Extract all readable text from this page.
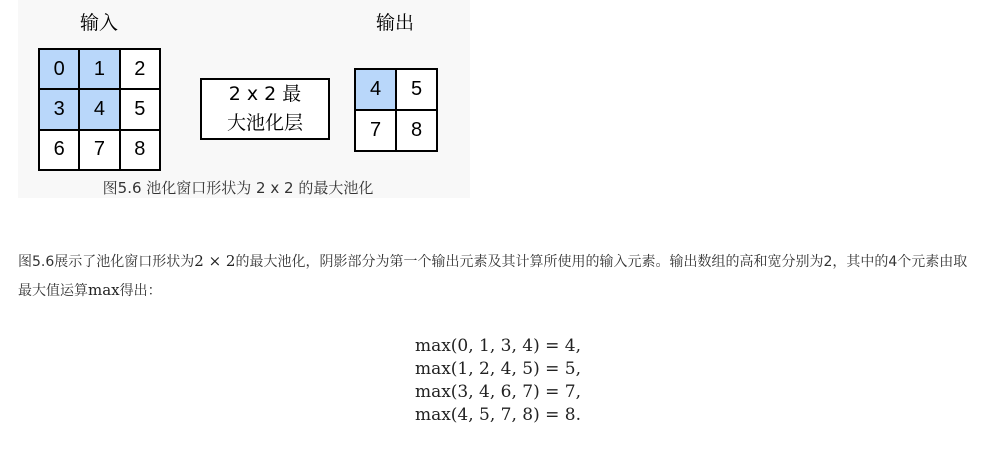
输入	输出
0	1	2
3	4	5
6	7	8
2 x 2 最
大池化层
4	5
7	8
图5.6 池化窗口形状为 2 x 2 的最大池化
图5.6展示了池化窗口形状为2 × 2的最大池化，阴影部分为第一个输出元素及其计算所使用的输入元素。输出数组的高和宽分别为2，其中的4个元素由取最大值运算max得出：
max(0, 1, 3, 4) = 4,
max(1, 2, 4, 5) = 5,
max(3, 4, 6, 7) = 7,
max(4, 5, 7, 8) = 8.
